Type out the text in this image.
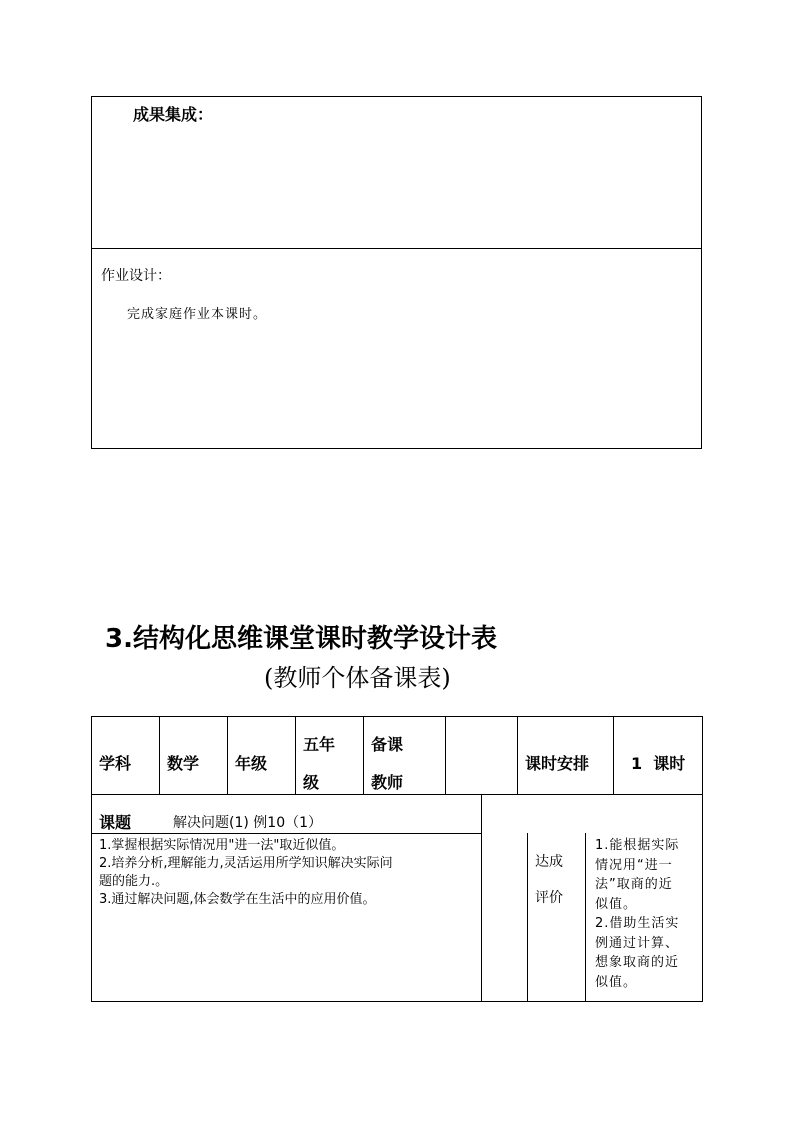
成果集成：
作业设计：
完成家庭作业本课时。
3.结构化思维课堂课时教学设计表
(教师个体备课表)
学科 数学 年级
五年
级
备课
教师
课时安排	1  课时
课题	解决问题(1) 例10（1）
1.掌握根据实际情况用"进一法"取近似值。
2.培养分析,理解能力,灵活运用所学知识解决实际问
题的能力.。
3.通过解决问题,体会数学在生活中的应用价值。
达成
评价
1.能根据实际
情况用“进一
法”取商的近
似值。
2.借助生活实
例通过计算、
想象取商的近
似值。
